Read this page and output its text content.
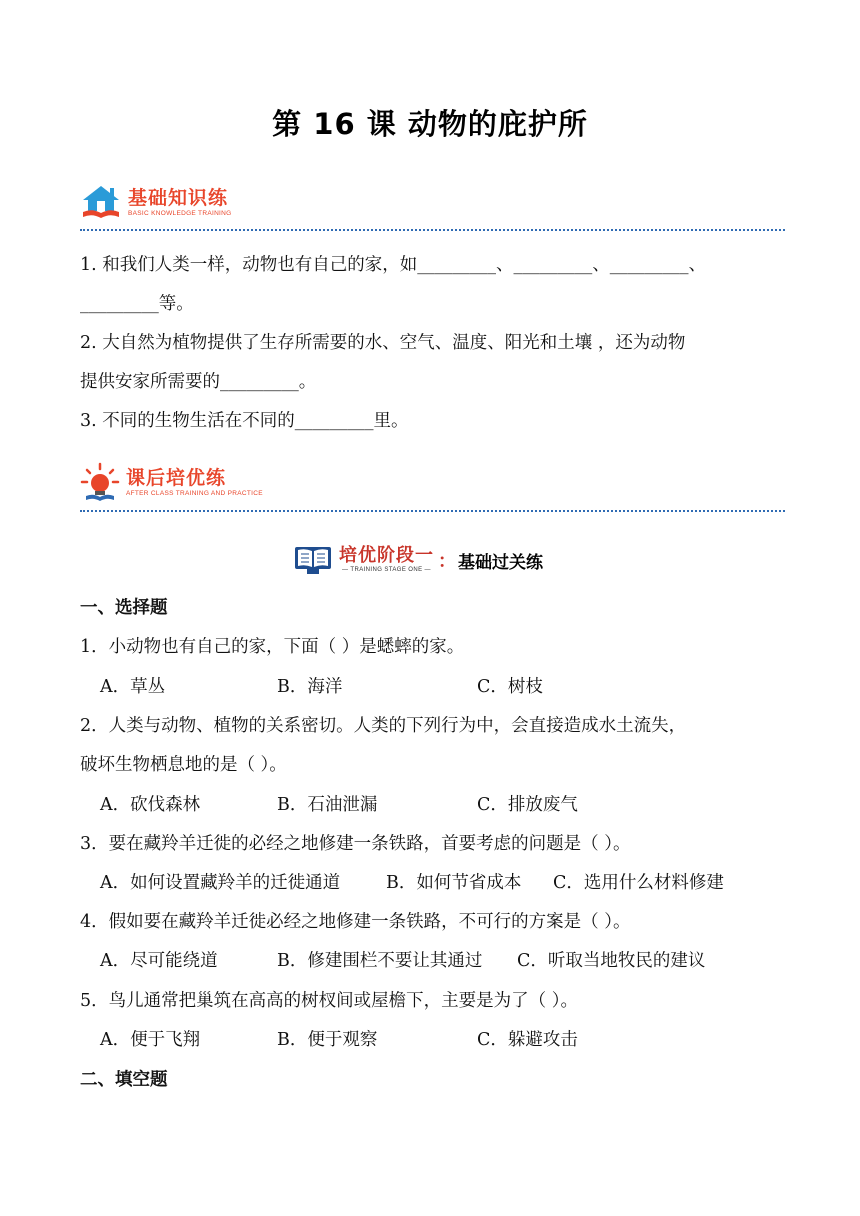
第 16 课 动物的庇护所
基础知识练
BASIC KNOWLEDGE TRAINING
1. 和我们人类一样，动物也有自己的家，如_________、_________、_________、
_________等。
2. 大自然为植物提供了生存所需要的水、空气、温度、阳光和土壤 ，还为动物
提供安家所需要的_________。
3. 不同的生物生活在不同的_________里。
课后培优练
AFTER CLASS TRAINING AND PRACTICE
培优阶段一
— TRAINING STAGE ONE — ： 基础过关练
一、选择题
1．小动物也有自己的家，下面（ ）是蟋蟀的家。
A．草丛	B．海洋	C．树枝
2．人类与动物、植物的关系密切。人类的下列行为中，会直接造成水土流失，
破坏生物栖息地的是（ ）。
A．砍伐森林	B．石油泄漏	C．排放废气
3．要在藏羚羊迁徙的必经之地修建一条铁路，首要考虑的问题是（ ）。
A．如何设置藏羚羊的迁徙通道	B．如何节省成本 C．选用什么材料修建
4．假如要在藏羚羊迁徙必经之地修建一条铁路，不可行的方案是（ ）。
A．尽可能绕道	B．修建围栏不要让其通过 C．听取当地牧民的建议
5．鸟儿通常把巢筑在高高的树杈间或屋檐下，主要是为了（ ）。
A．便于飞翔	B．便于观察	C．躲避攻击
二、填空题
